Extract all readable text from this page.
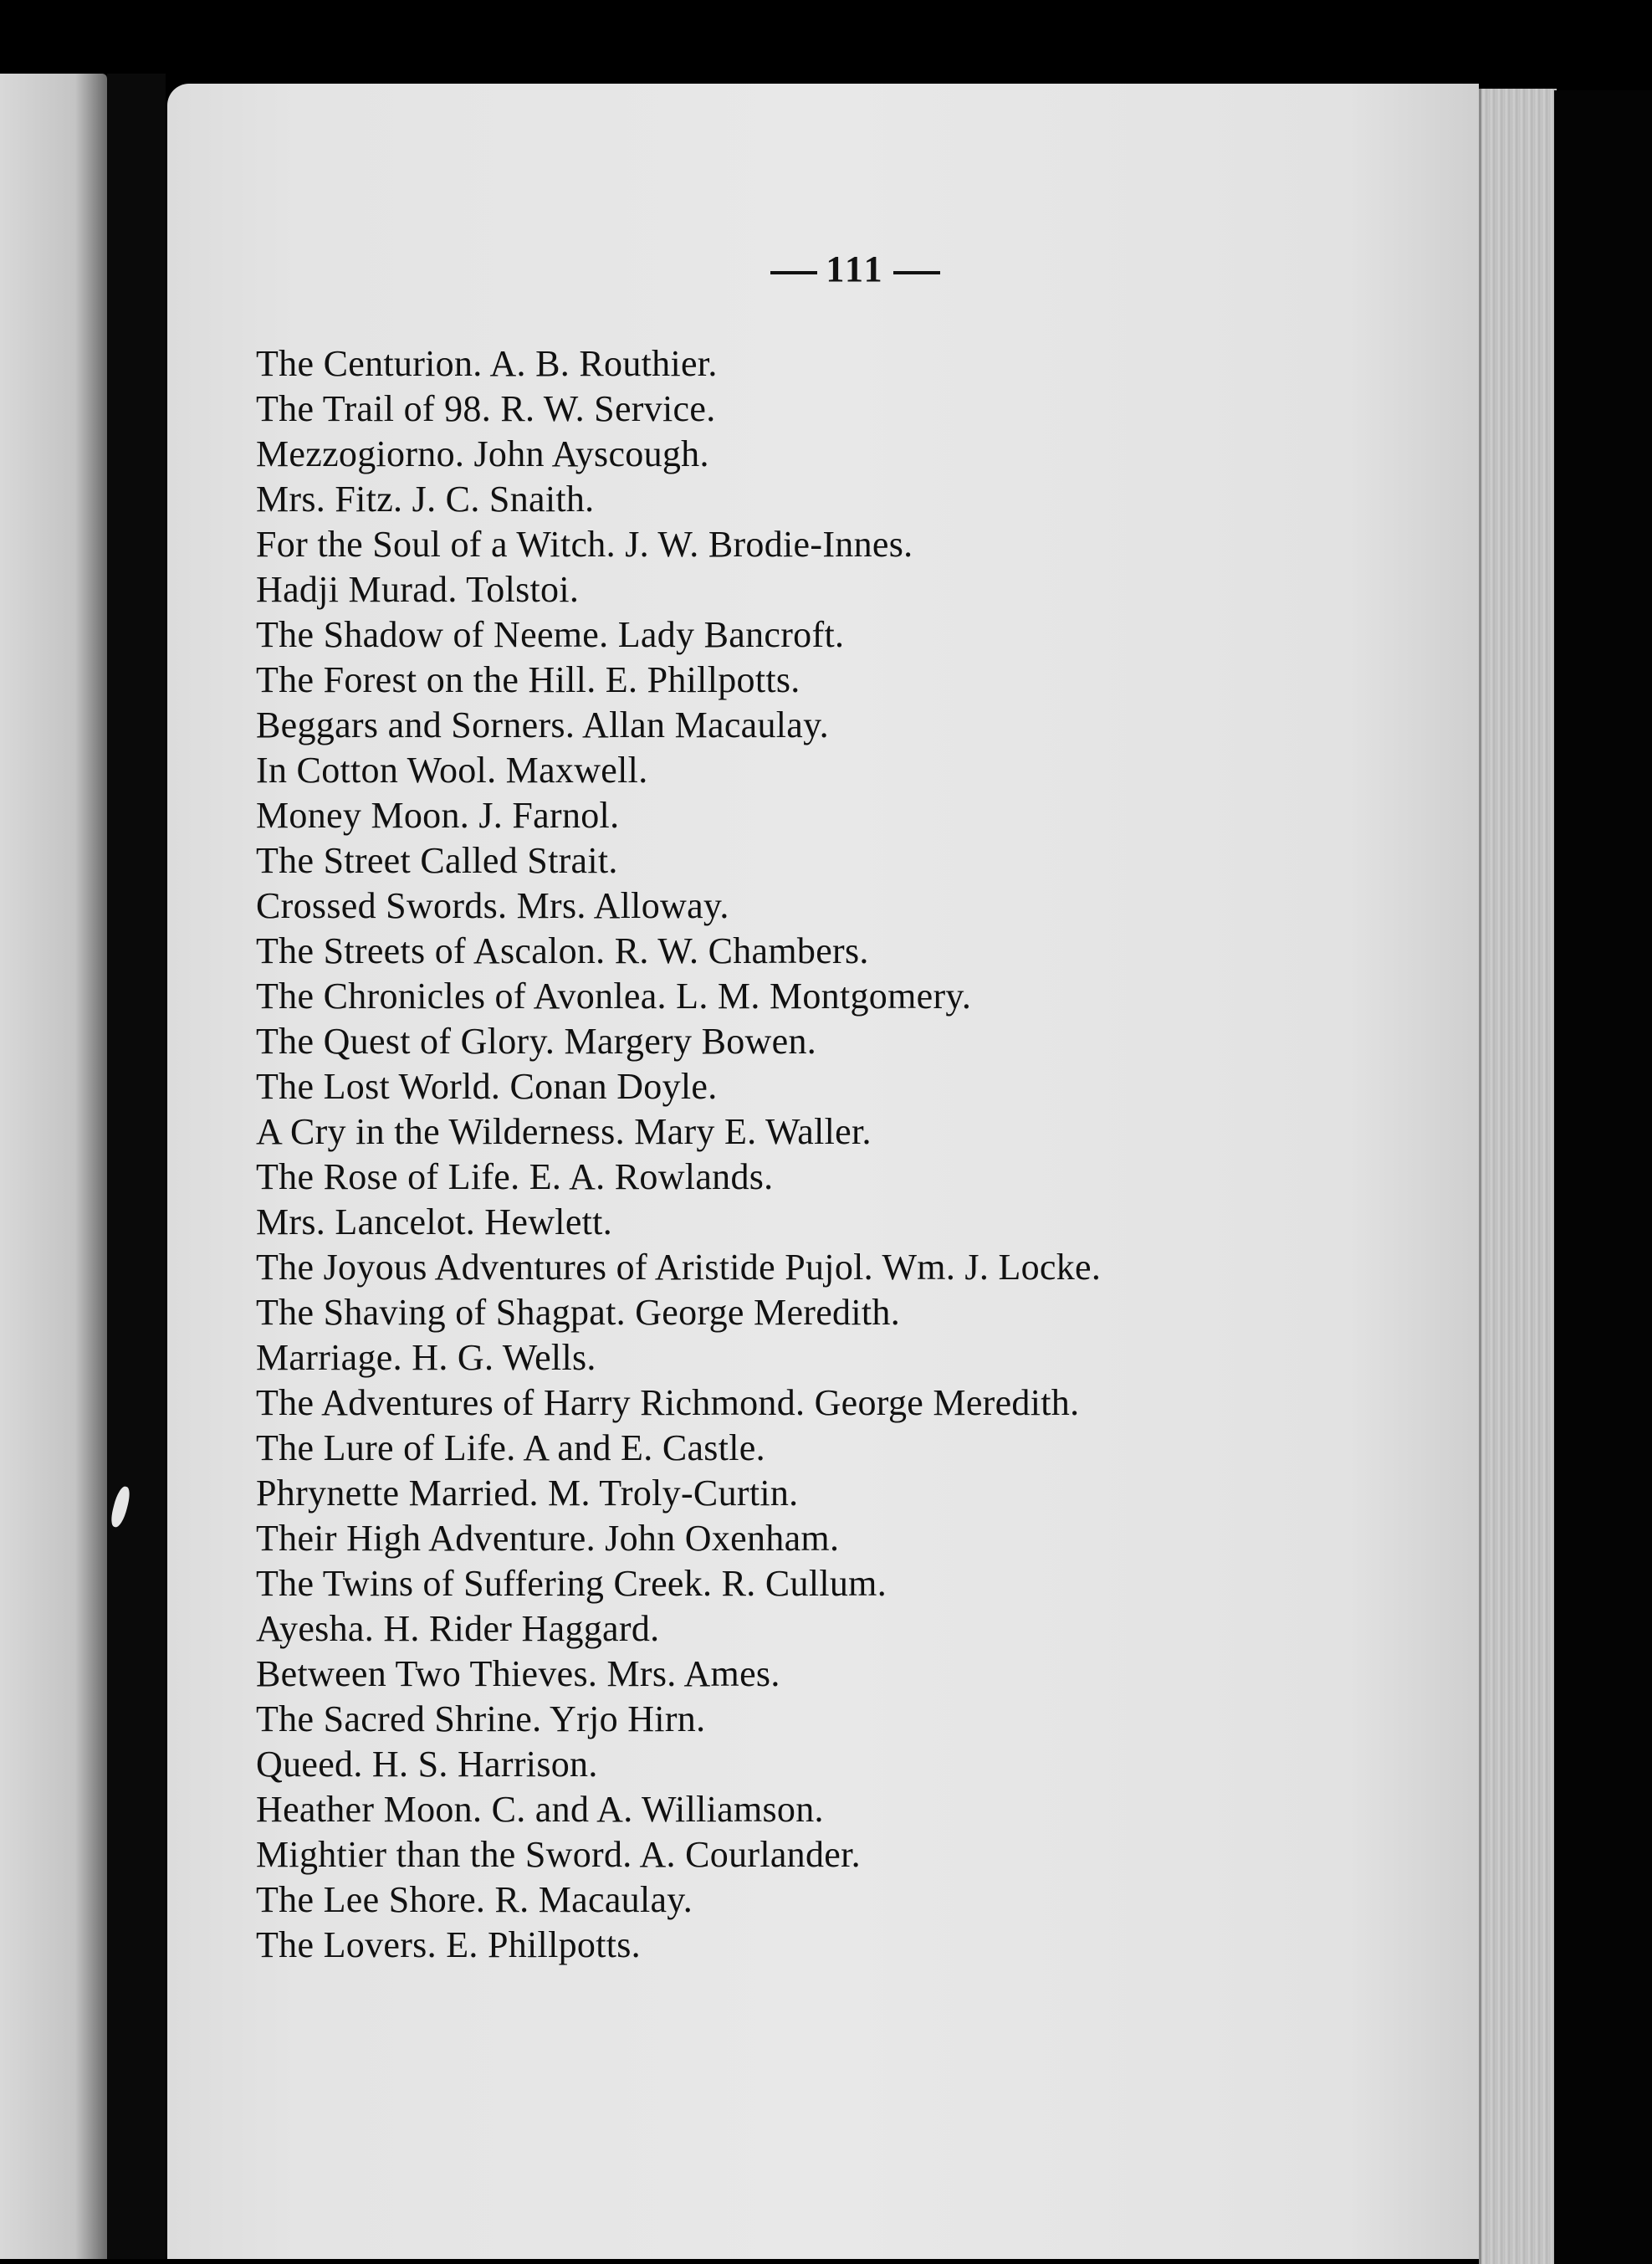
111
The Centurion. A. B. Routhier.
The Trail of 98. R. W. Service.
Mezzogiorno. John Ayscough.
Mrs. Fitz. J. C. Snaith.
For the Soul of a Witch. J. W. Brodie-Innes.
Hadji Murad. Tolstoi.
The Shadow of Neeme. Lady Bancroft.
The Forest on the Hill. E. Phillpotts.
Beggars and Sorners. Allan Macaulay.
In Cotton Wool. Maxwell.
Money Moon. J. Farnol.
The Street Called Strait.
Crossed Swords. Mrs. Alloway.
The Streets of Ascalon. R. W. Chambers.
The Chronicles of Avonlea. L. M. Montgomery.
The Quest of Glory. Margery Bowen.
The Lost World. Conan Doyle.
A Cry in the Wilderness. Mary E. Waller.
The Rose of Life. E. A. Rowlands.
Mrs. Lancelot. Hewlett.
The Joyous Adventures of Aristide Pujol. Wm. J. Locke.
The Shaving of Shagpat. George Meredith.
Marriage. H. G. Wells.
The Adventures of Harry Richmond. George Meredith.
The Lure of Life. A and E. Castle.
Phrynette Married. M. Troly-Curtin.
Their High Adventure. John Oxenham.
The Twins of Suffering Creek. R. Cullum.
Ayesha. H. Rider Haggard.
Between Two Thieves. Mrs. Ames.
The Sacred Shrine. Yrjo Hirn.
Queed. H. S. Harrison.
Heather Moon. C. and A. Williamson.
Mightier than the Sword. A. Courlander.
The Lee Shore. R. Macaulay.
The Lovers. E. Phillpotts.
